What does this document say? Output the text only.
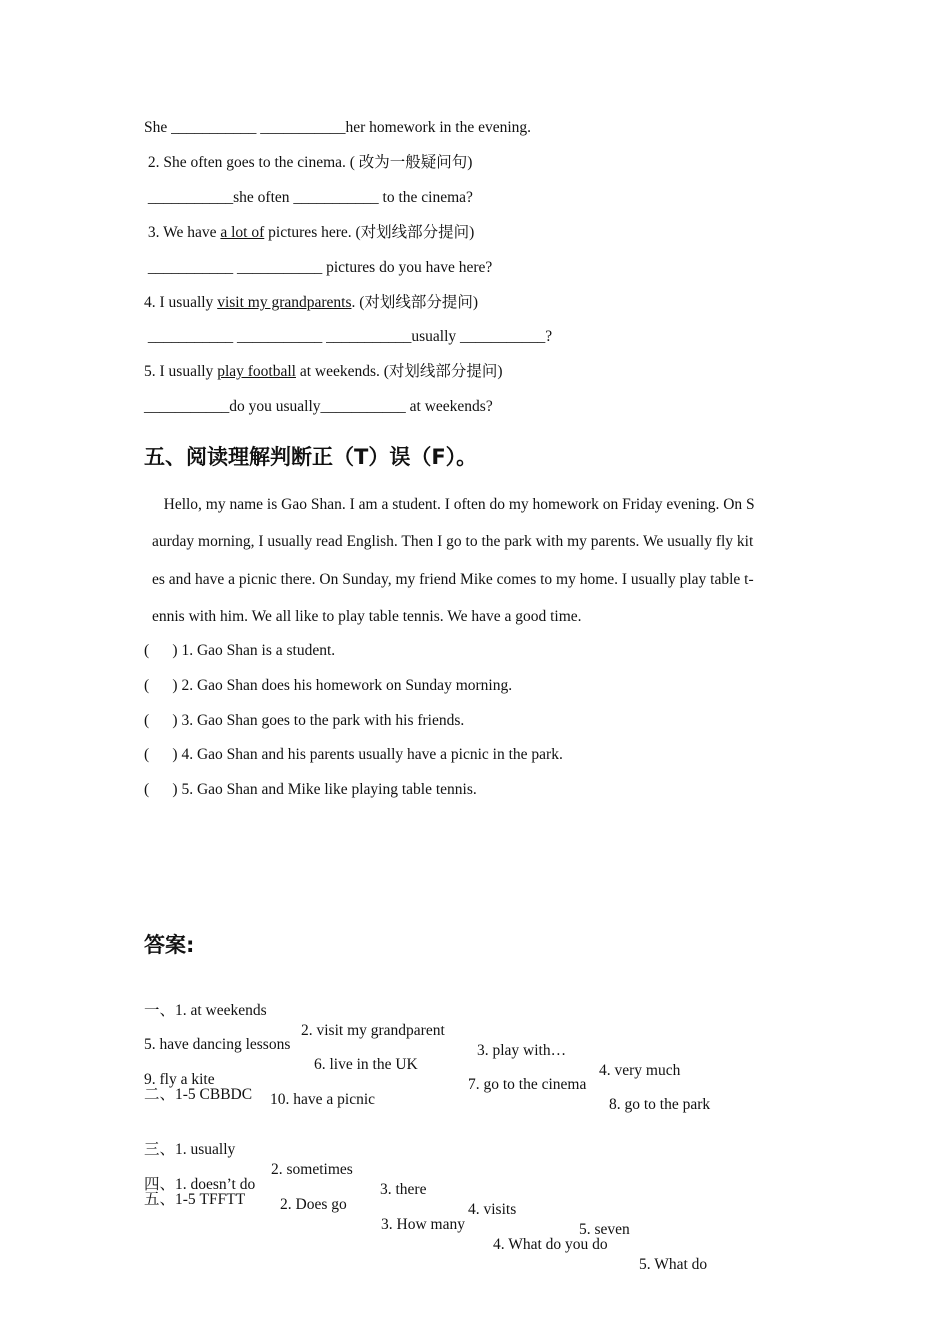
She ___________ ___________her homework in the evening.
2. She often goes to the cinema. ( 改为一般疑问句)
___________she often ___________ to the cinema?
3. We have a lot of pictures here. (对划线部分提问)
___________ ___________ pictures do you have here?
4. I usually visit my grandparents. (对划线部分提问)
___________ ___________ ___________usually ___________?
5. I usually play football at weekends. (对划线部分提问)
___________do you usually___________ at weekends?
五、阅读理解判断正（T）误（F）。
Hello, my name is Gao Shan. I am a student. I often do my homework on Friday evening. On S
aurday morning, I usually read English. Then I go to the park with my parents. We usually fly kit
es and have a picnic there. On Sunday, my friend Mike comes to my home. I usually play table t-
ennis with him. We all like to play table tennis. We have a good time.
(      ) 1. Gao Shan is a student.
(      ) 2. Gao Shan does his homework on Sunday morning.
(      ) 3. Gao Shan goes to the park with his friends.
(      ) 4. Gao Shan and his parents usually have a picnic in the park.
(      ) 5. Gao Shan and Mike like playing table tennis.
答案:

一、1. at weekends

2. visit my grandparent

3. play with…

4. very much

5. have dancing lessons

6. live in the UK

7. go to the cinema

8. go to the park

9. fly a kite

10. have a picnic

二、1-5 CBBDC

三、1. usually

2. sometimes

3. there

4. visits

5. seven

四、1. doesn’t do

2. Does go

3. How many

4. What do you do

5. What do

五、1-5 TFFTT
